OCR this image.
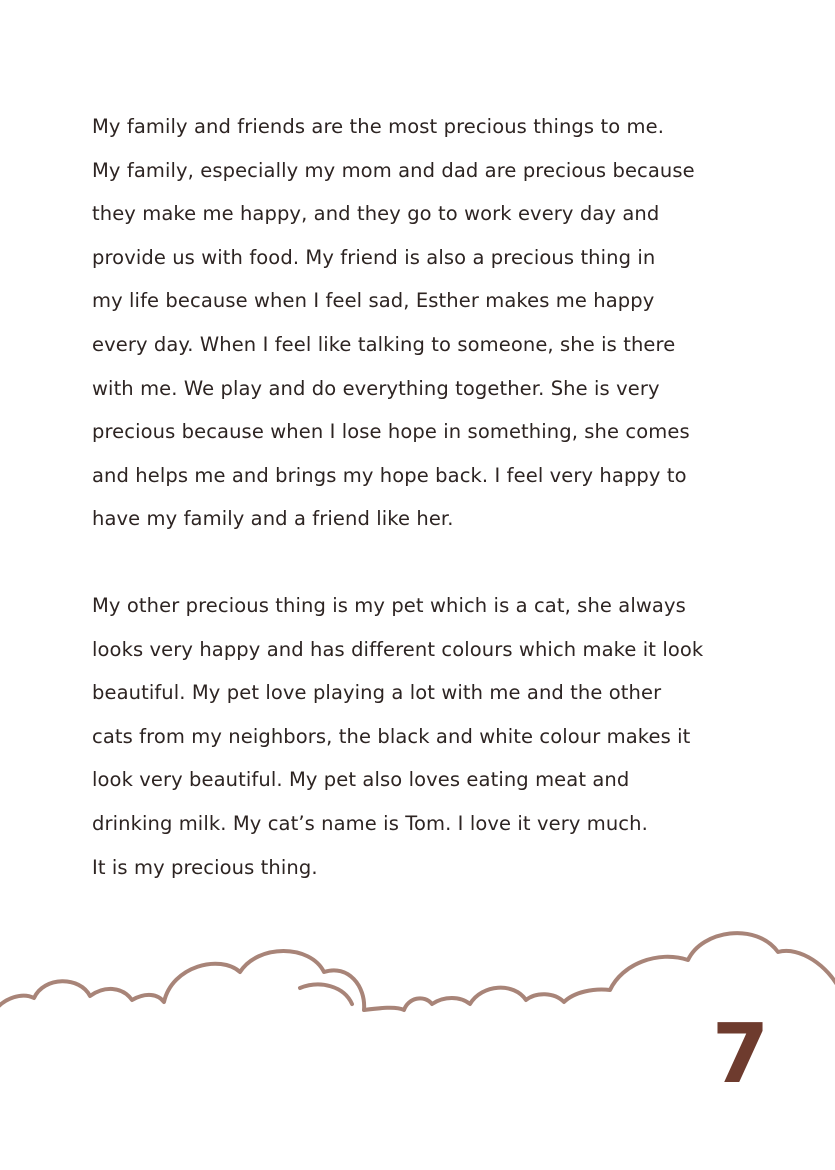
My family and friends are the most precious things to me.
My family, especially my mom and dad are precious because
they make me happy, and they go to work every day and
provide us with food. My friend is also a precious thing in
my life because when I feel sad, Esther makes me happy
every day. When I feel like talking to someone, she is there
with me. We play and do everything together. She is very
precious because when I lose hope in something, she comes
and helps me and brings my hope back. I feel very happy to
have my family and a friend like her.

My other precious thing is my pet which is a cat, she always
looks very happy and has different colours which make it look
beautiful. My pet love playing a lot with me and the other
cats from my neighbors, the black and white colour makes it
look very beautiful. My pet also loves eating meat and
drinking milk. My cat’s name is Tom. I love it very much.
It is my precious thing.

7
